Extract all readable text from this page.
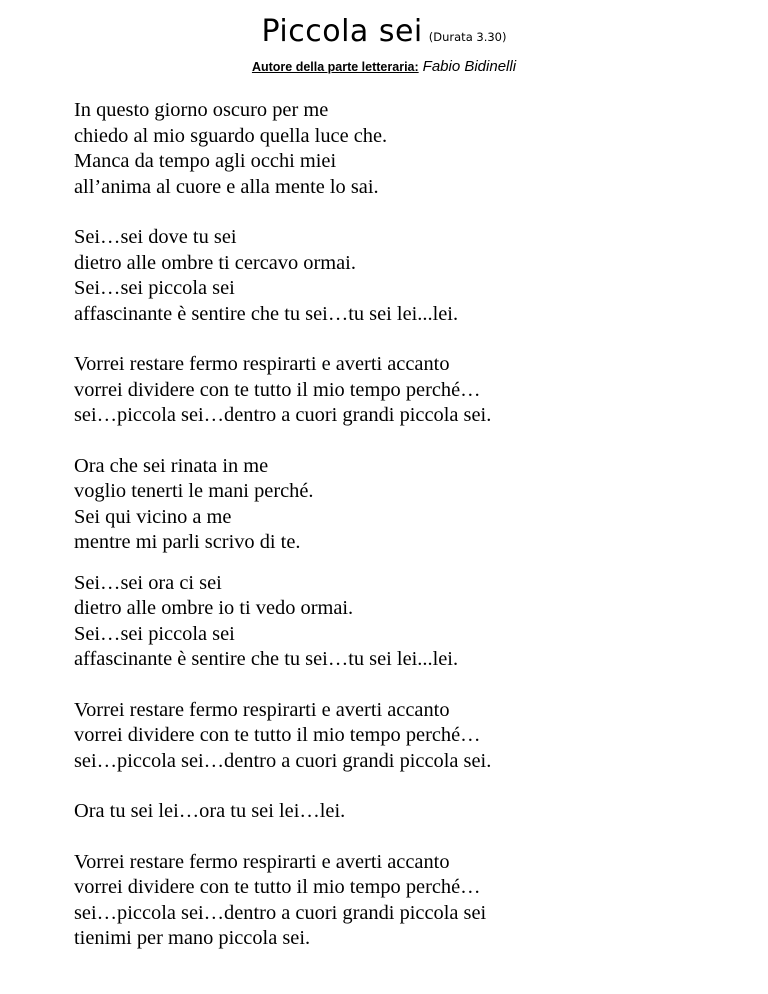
Piccola sei (Durata 3.30)
Autore della parte letteraria: Fabio Bidinelli
In questo giorno oscuro per me
chiedo al mio sguardo quella luce che.
Manca da tempo agli occhi miei
all’anima al cuore e alla mente lo sai.
Sei…sei dove tu sei
dietro alle ombre ti cercavo ormai.
Sei…sei piccola sei
affascinante è sentire che tu sei…tu sei lei...lei.
Vorrei restare fermo respirarti e averti accanto
vorrei dividere con te tutto il mio tempo perché…
sei…piccola sei…dentro a cuori grandi piccola sei.
Ora che sei rinata in me
voglio tenerti le mani perché.
Sei qui vicino a me
mentre mi parli scrivo di te.
Sei…sei ora ci sei
dietro alle ombre io ti vedo ormai.
Sei…sei piccola sei
affascinante è sentire che tu sei…tu sei lei...lei.
Vorrei restare fermo respirarti e averti accanto
vorrei dividere con te tutto il mio tempo perché…
sei…piccola sei…dentro a cuori grandi piccola sei.
Ora tu sei lei…ora tu sei lei…lei.
Vorrei restare fermo respirarti e averti accanto
vorrei dividere con te tutto il mio tempo perché…
sei…piccola sei…dentro a cuori grandi piccola sei
tienimi per mano piccola sei.
